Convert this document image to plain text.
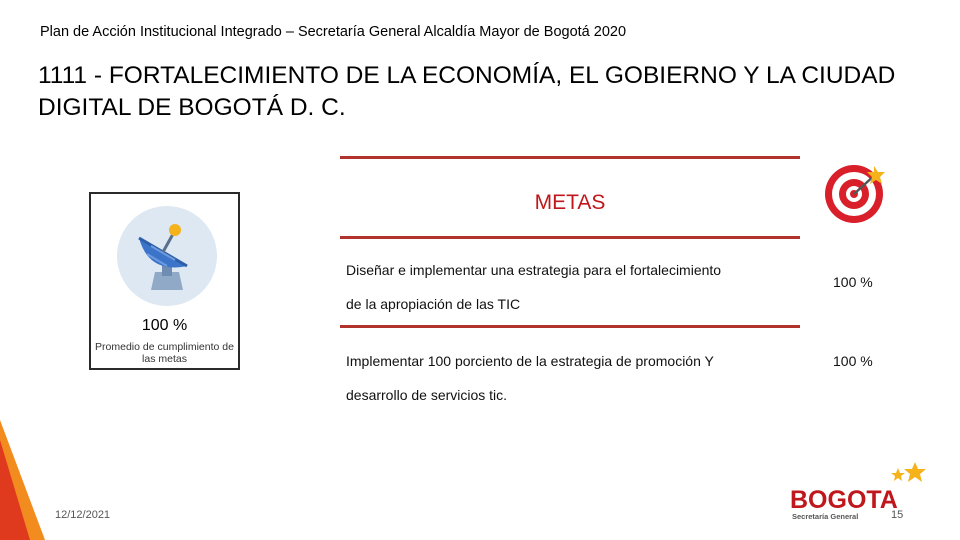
Plan de Acción Institucional Integrado – Secretaría General Alcaldía Mayor de Bogotá 2020
1111 - FORTALECIMIENTO DE LA ECONOMÍA, EL GOBIERNO Y LA CIUDAD DIGITAL DE BOGOTÁ D. C.
100 %
Promedio de cumplimiento de las metas
METAS
Diseñar e implementar una estrategia para el fortalecimiento
de la apropiación de las TIC
100 %
Implementar 100 porciento de la estrategia de promoción Y
desarrollo de servicios tic.
100 %
12/12/2021
BOGOTA
Secretaría General	15
